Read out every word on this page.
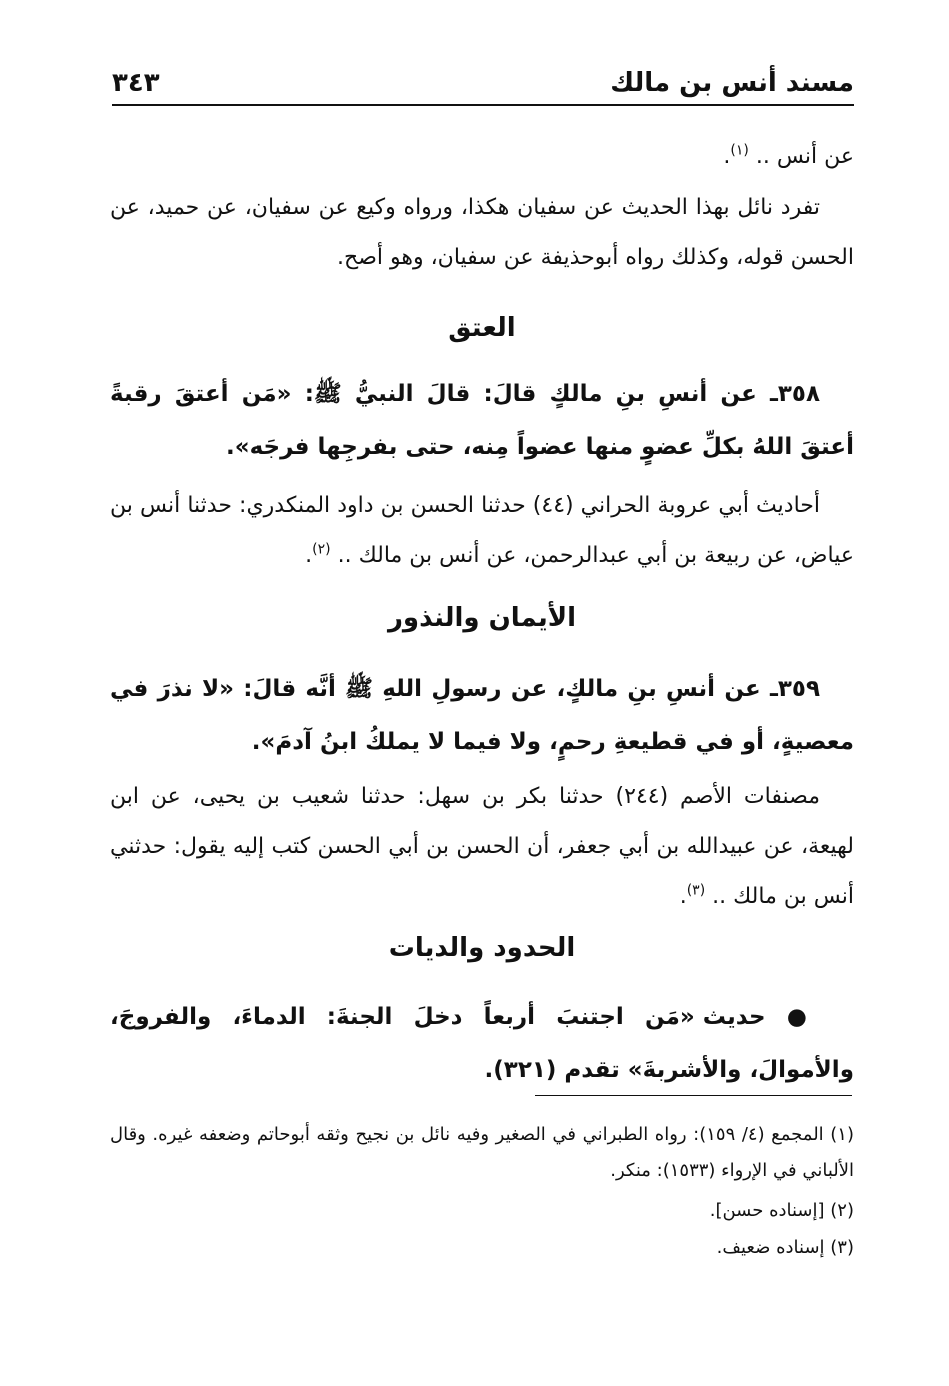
مسند أنس بن مالك
٣٤٣
عن أنس .. $^{(١)}$.
تفرد نائل بهذا الحديث عن سفيان هكذا، ورواه وكيع عن سفيان، عن حميد، عن الحسن قوله، وكذلك رواه أبوحذيفة عن سفيان، وهو أصح.
العتق
٣٥٨ـ عن أنسِ بنِ مالكٍ قالَ: قالَ النبيُّ ﷺ: «مَن أعتقَ رقبةً أعتقَ اللهُ بكلِّ عضوٍ منها عضواً مِنه، حتى بفرجِها فرجَه».
أحاديث أبي عروبة الحراني (٤٤) حدثنا الحسن بن داود المنكدري: حدثنا أنس بن عياض، عن ربيعة بن أبي عبدالرحمن، عن أنس بن مالك .. $^{(٢)}$.
الأيمان والنذور
٣٥٩ـ عن أنسِ بنِ مالكٍ، عن رسولِ اللهِ ﷺ أنَّه قالَ: «لا نذرَ في معصيةٍ، أو في قطيعةِ رحمٍ، ولا فيما لا يملكُ ابنُ آدمَ».
مصنفات الأصم (٢٤٤) حدثنا بكر بن سهل: حدثنا شعيب بن يحيى، عن ابن لهيعة، عن عبيدالله بن أبي جعفر، أن الحسن بن أبي الحسن كتب إليه يقول: حدثني أنس بن مالك .. $^{(٣)}$.
الحدود والديات
● حديث «مَن اجتنبَ أربعاً دخلَ الجنةَ: الدماءَ، والفروجَ، والأموالَ، والأشربةَ» تقدم (٣٢١).
(١) المجمع (٤/ ١٥٩): رواه الطبراني في الصغير وفيه نائل بن نجيح وثقه أبوحاتم وضعفه غيره. وقال الألباني في الإرواء (١٥٣٣): منكر.
(٢) [إسناده حسن].
(٣) إسناده ضعيف.
